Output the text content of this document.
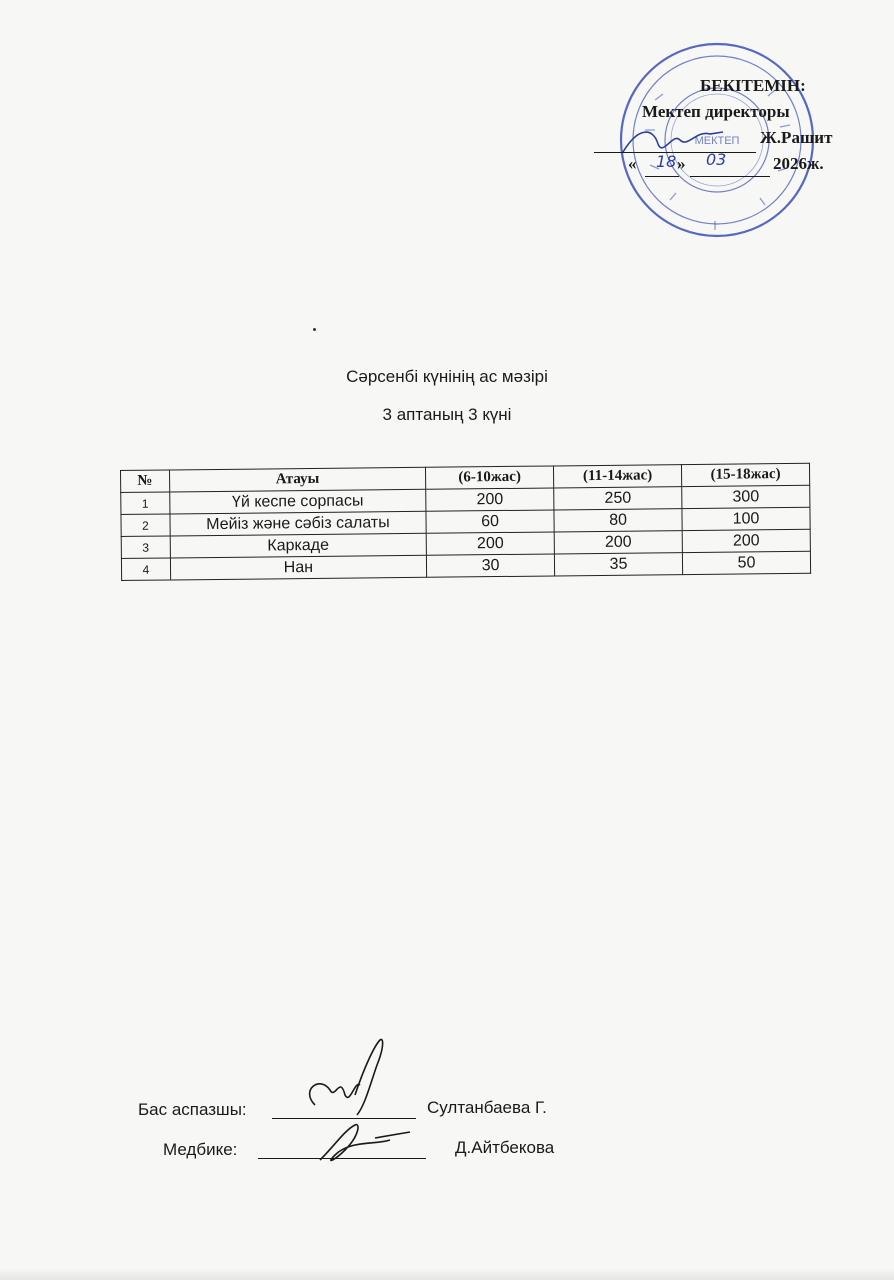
МЕКТЕП
БЕКІТЕМІН:
Мектеп директоры
Ж.Рашит
« 18 » 03	2026ж.
Сәрсенбі күнінің ас мәзірі
3 аптаның 3 күні
№	Атауы	(6-10жас)	(11-14жас)	(15-18жас)
1	Үй кеспе сорпасы	200	250	300
2	Мейіз және сәбіз салаты	60	80	100
3	Каркаде	200	200	200
4	Нан	30	35	50
Бас аспазшы:	Султанбаева Г.
Медбике:	Д.Айтбекова
